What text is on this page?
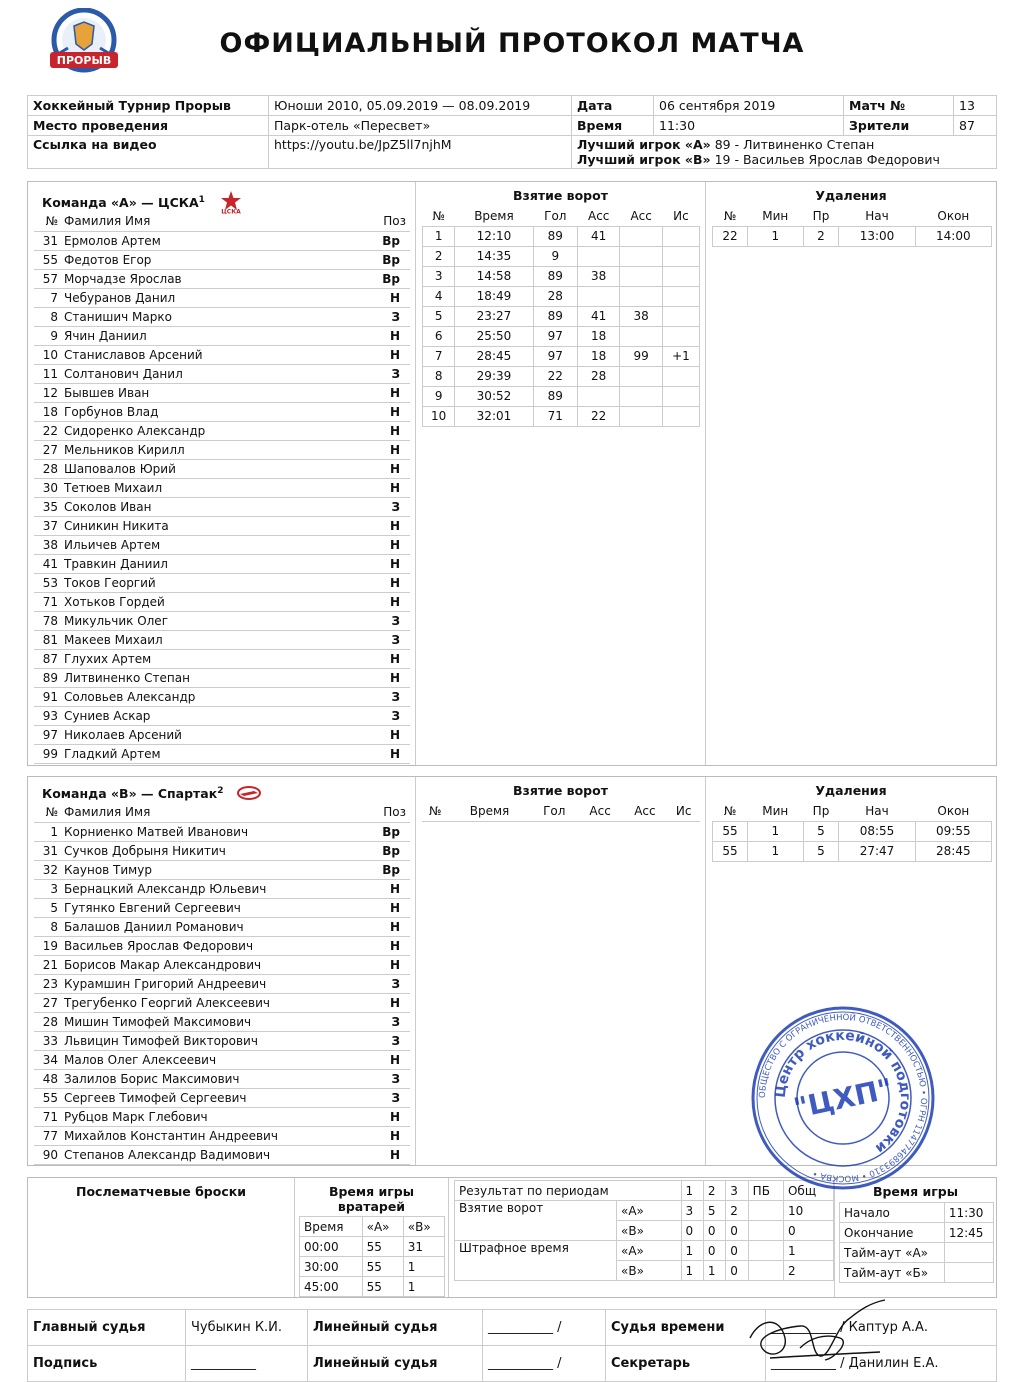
ПРОРЫВ
ОФИЦИАЛЬНЫЙ ПРОТОКОЛ МАТЧА
Хоккейный Турнир Прорыв	Юноши 2010, 05.09.2019 — 08.09.2019	Дата	06 сентября 2019	Матч №	13
Место проведения	Парк-отель «Пересвет»	Время	11:30	Зрители	87
Ссылка на видео	https://youtu.be/JpZ5ll7njhM	Лучший игрок «А» 89 - Литвиненко Степан
Лучший игрок «В» 19 - Васильев Ярослав Федорович			
Команда «А» — ЦСКА$^1$
ЦСКА
№	Фамилия Имя	Поз
31	Ермолов Артем	Вр
55	Федотов Егор	Вр
57	Морчадзе Ярослав	Вр
7	Чебуранов Данил	Н
8	Станишич Марко	З
9	Ячин Даниил	Н
10	Станиславов Арсений	Н
11	Солтанович Данил	З
12	Бывшев Иван	Н
18	Горбунов Влад	Н
22	Сидоренко Александр	Н
27	Мельников Кирилл	Н
28	Шаповалов Юрий	Н
30	Тетюев Михаил	Н
35	Соколов Иван	З
37	Синикин Никита	Н
38	Ильичев Артем	Н
41	Травкин Даниил	Н
53	Токов Георгий	Н
71	Хотьков Гордей	Н
78	Микульчик Олег	З
81	Макеев Михаил	З
87	Глухих Артем	Н
89	Литвиненко Степан	Н
91	Соловьев Александр	З
93	Суниев Аскар	З
97	Николаев Арсений	Н
99	Гладкий Артем	Н
Взятие ворот
№	Время	Гол	Асс	Асс	Ис
1	12:10	89	41		
2	14:35	9			
3	14:58	89	38		
4	18:49	28			
5	23:27	89	41	38	
6	25:50	97	18		
7	28:45	97	18	99	+1
8	29:39	22	28		
9	30:52	89			
10	32:01	71	22		
Удаления
№	Мин	Пр	Нач	Окон
22	1	2	13:00	14:00
Команда «В» — Спартак$^2$
№	Фамилия Имя	Поз
1	Корниенко Матвей Иванович	Вр
31	Сучков Добрыня Никитич	Вр
32	Каунов Тимур	Вр
3	Бернацкий Александр Юльевич	Н
5	Гутянко Евгений Сергеевич	Н
8	Балашов Даниил Романович	Н
19	Васильев Ярослав Федорович	Н
21	Борисов Макар Александрович	Н
23	Курамшин Григорий Андреевич	З
27	Трегубенко Георгий Алексеевич	Н
28	Мишин Тимофей Максимович	З
33	Львицин Тимофей Викторович	З
34	Малов Олег Алексеевич	Н
48	Залилов Борис Максимович	З
55	Сергеев Тимофей Сергеевич	З
71	Рубцов Марк Глебович	Н
77	Михайлов Константин Андреевич	Н
90	Степанов Александр Вадимович	Н
Взятие ворот
№	Время	Гол	Асс	Асс	Ис
Удаления
№	Мин	Пр	Нач	Окон
55	1	5	08:55	09:55
55	1	5	27:47	28:45
Послематчевые броски	Время игры вратарей
Время	«А»	«В»
00:00	55	31
30:00	55	1
45:00	55	1
Результат по периодам		1	2	3	ПБ	Общ
Взятие ворот	«А»	3	5	2		10
	«В»	0	0	0		0
Штрафное время	«А»	1	0	0		1
	«В»	1	1	0		2
Время игры
Начало	11:30
Окончание	12:45
Тайм-аут «А»	
Тайм-аут «Б»	
Главный судья	Чубыкин К.И.	Линейный судья	__________ /	Судья времени	__________ / Каптур А.А.
Подпись	__________	Линейный судья	__________ /	Секретарь	__________ / Данилин Е.А.
ОБЩЕСТВО С ОГРАНИЧЕННОЙ ОТВЕТСТВЕННОСТЬЮ • ОГРН 1147746893310 • МОСКВА •
Центр хоккейной подготовки
"ЦХП"
